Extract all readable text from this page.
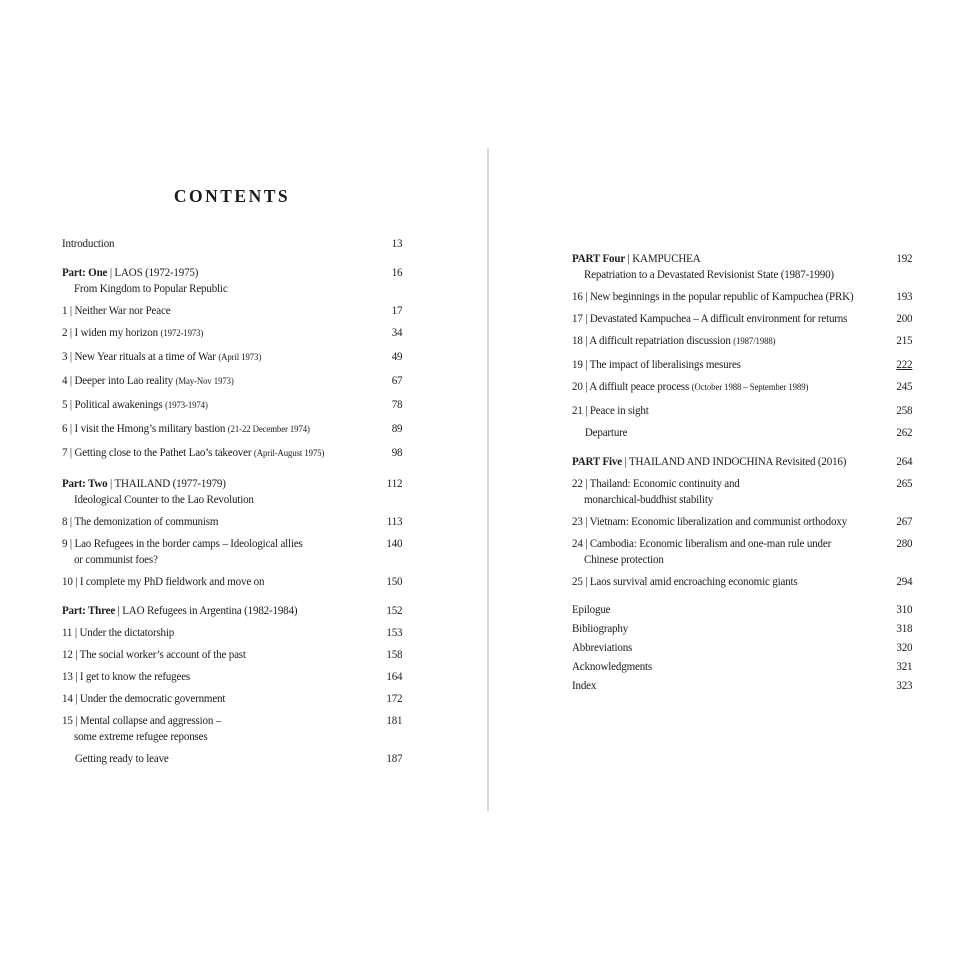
CONTENTS
Introduction	13
Part: One | LAOS (1972-1975)	16
From Kingdom to Popular Republic
1 | Neither War nor Peace	17
2 | I widen my horizon (1972-1973)	34
3 | New Year rituals at a time of War (April 1973)	49
4 | Deeper into Lao reality (May-Nov 1973)	67
5 | Political awakenings (1973-1974)	78
6 | I visit the Hmong’s military bastion (21-22 December 1974)	89
7 | Getting close to the Pathet Lao’s takeover (April-August 1975)	98
Part: Two | THAILAND (1977-1979)	112
Ideological Counter to the Lao Revolution
8 | The demonization of communism	113
9 | Lao Refugees in the border camps – Ideological allies	140
or communist foes?
10 | I complete my PhD fieldwork and move on	150
Part: Three | LAO Refugees in Argentina (1982-1984)	152
11 | Under the dictatorship	153
12 | The social worker’s account of the past	158
13 | I get to know the refugees	164
14 | Under the democratic government	172
15 | Mental collapse and aggression –	181
some extreme refugee reponses
Getting ready to leave	187
PART Four | KAMPUCHEA	192
Repatriation to a Devastated Revisionist State (1987-1990)
16 | New beginnings in the popular republic of Kampuchea (PRK)	193
17 | Devastated Kampuchea – A difficult environment for returns	200
18 | A difficult repatriation discussion (1987/1988)	215
19 | The impact of liberalisings mesures	222
20 | A diffiult peace process (October 1988 – September 1989)	245
21 | Peace in sight	258
Departure	262
PART Five | THAILAND AND INDOCHINA Revisited (2016)	264
22 | Thailand: Economic continuity and	265
monarchical-buddhist stability
23 | Vietnam: Economic liberalization and communist orthodoxy	267
24 | Cambodia: Economic liberalism and one-man rule under	280
Chinese protection
25 | Laos survival amid encroaching economic giants	294
Epilogue	310
Bibliography	318
Abbreviations	320
Acknowledgments	321
Index	323
